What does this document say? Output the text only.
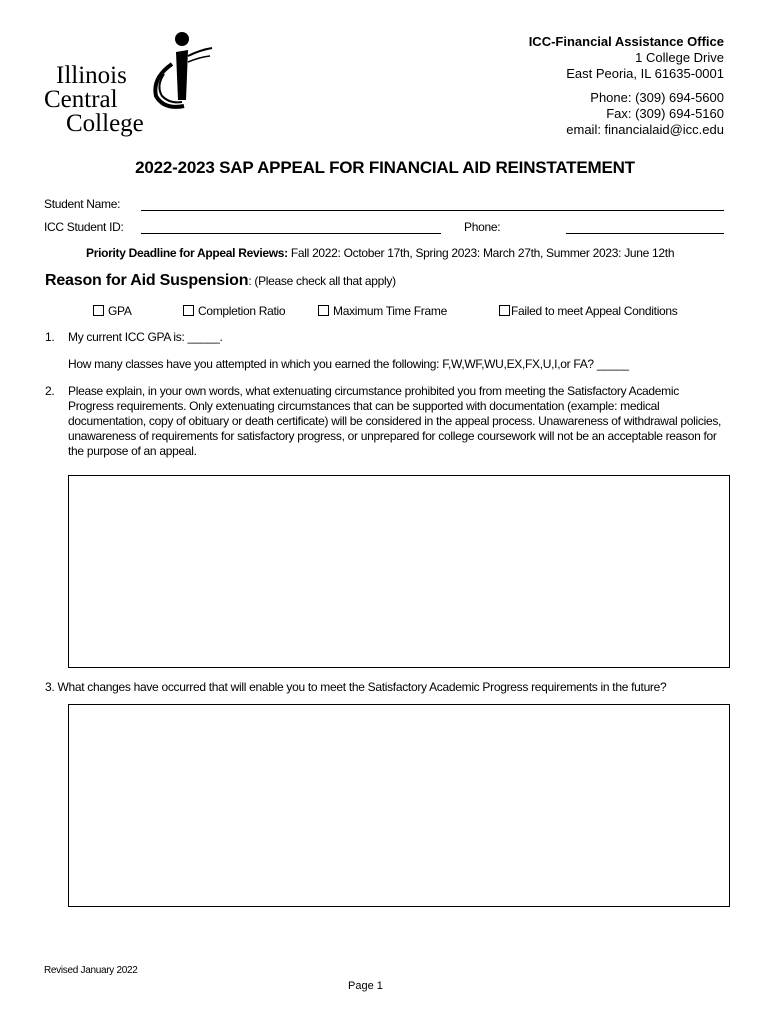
Illinois
Central
College
ICC-Financial Assistance Office
1 College Drive
East Peoria, IL 61635-0001
Phone: (309) 694-5600
Fax: (309) 694-5160
email: financialaid@icc.edu
2022-2023 SAP APPEAL FOR FINANCIAL AID REINSTATEMENT
Student Name:
ICC Student ID:	Phone:
Priority Deadline for Appeal Reviews: Fall 2022: October 17th, Spring 2023: March 27th, Summer 2023: June 12th
Reason for Aid Suspension: (Please check all that apply)
GPA	Completion Ratio	Maximum Time Frame	Failed to meet Appeal Conditions
1. My current ICC GPA is: _____.
How many classes have you attempted in which you earned the following: F,W,WF,WU,EX,FX,U,I,or FA? _____
2. Please explain, in your own words, what extenuating circumstance prohibited you from meeting the Satisfactory Academic Progress requirements. Only extenuating circumstances that can be supported with documentation (example: medical documentation, copy of obituary or death certificate) will be considered in the appeal process. Unawareness of withdrawal policies, unawareness of requirements for satisfactory progress, or unprepared for college coursework will not be an acceptable reason for the purpose of an appeal.
3. What changes have occurred that will enable you to meet the Satisfactory Academic Progress requirements in the future?
Revised January 2022
Page 1
